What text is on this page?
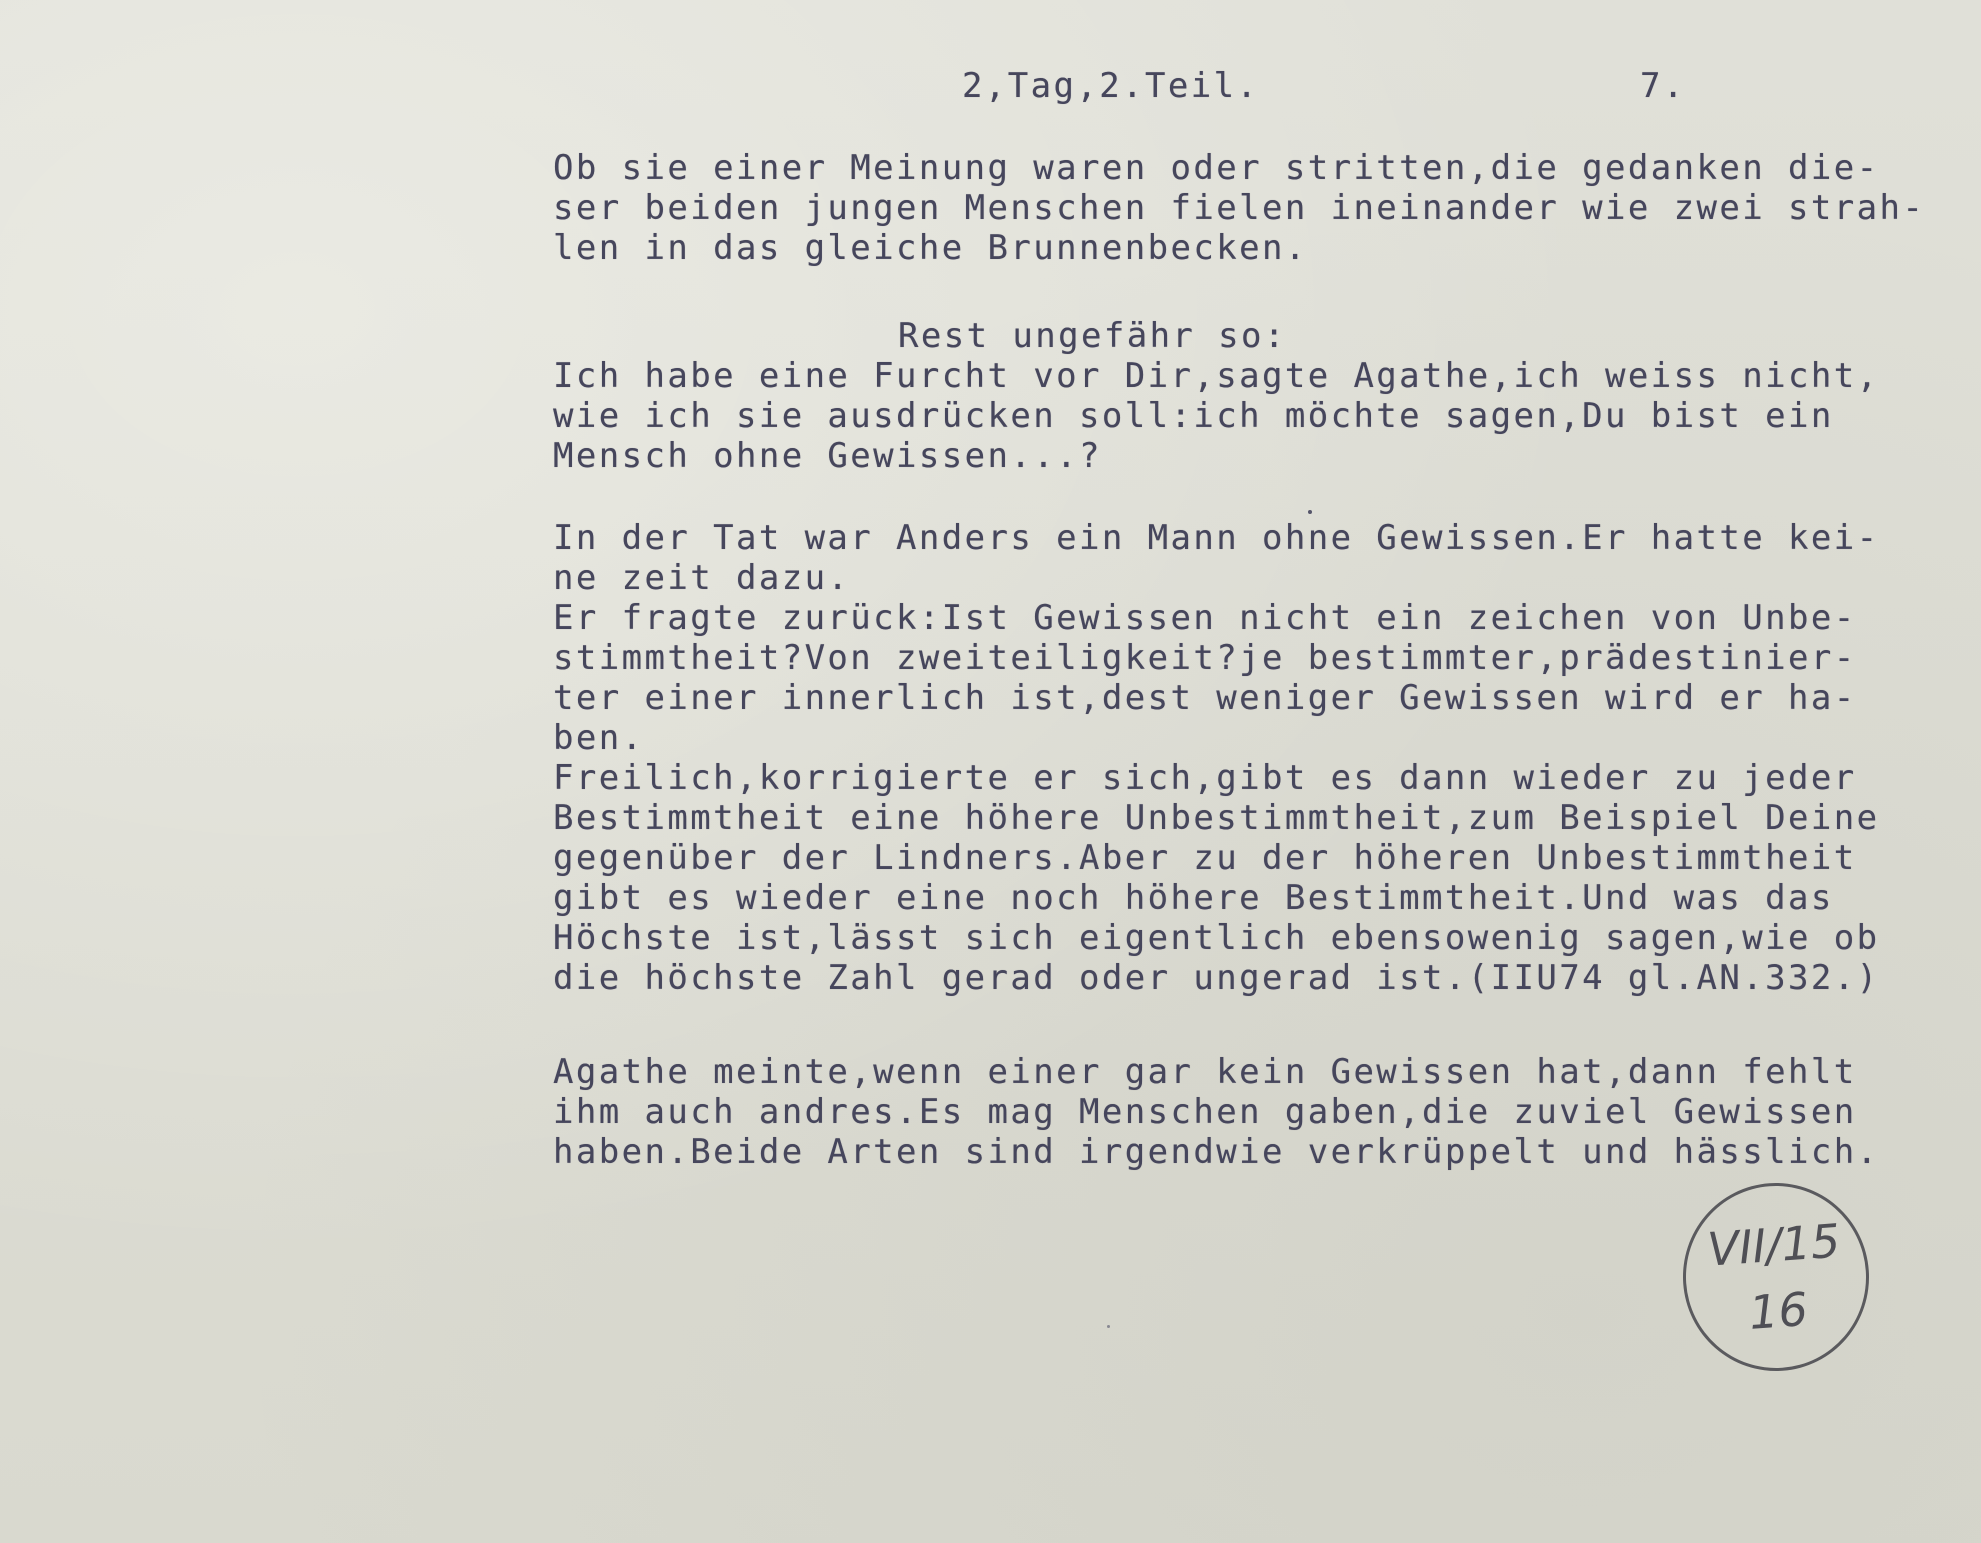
2,Tag,2.Teil.	7.
Ob sie einer Meinung waren oder stritten,die gedanken die-
ser beiden jungen Menschen fielen ineinander wie zwei strah-
len in das gleiche Brunnenbecken.
Rest ungefähr so:
Ich habe eine Furcht vor Dir,sagte Agathe,ich weiss nicht,
wie ich sie ausdrücken soll:ich möchte sagen,Du bist ein
Mensch ohne Gewissen...?
In der Tat war Anders ein Mann ohne Gewissen.Er hatte kei-
ne zeit dazu.
Er fragte zurück:Ist Gewissen nicht ein zeichen von Unbe-
stimmtheit?Von zweiteiligkeit?je bestimmter,prädestinier-
ter einer innerlich ist,dest weniger Gewissen wird er ha-
ben.
Freilich,korrigierte er sich,gibt es dann wieder zu jeder
Bestimmtheit eine höhere Unbestimmtheit,zum Beispiel Deine
gegenüber der Lindners.Aber zu der höheren Unbestimmtheit
gibt es wieder eine noch höhere Bestimmtheit.Und was das
Höchste ist,lässt sich eigentlich ebensowenig sagen,wie ob
die höchste Zahl gerad oder ungerad ist.(IIU74 gl.AN.332.)
Agathe meinte,wenn einer gar kein Gewissen hat,dann fehlt
ihm auch andres.Es mag Menschen gaben,die zuviel Gewissen
haben.Beide Arten sind irgendwie verkrüppelt und hässlich.
VII/15
16
